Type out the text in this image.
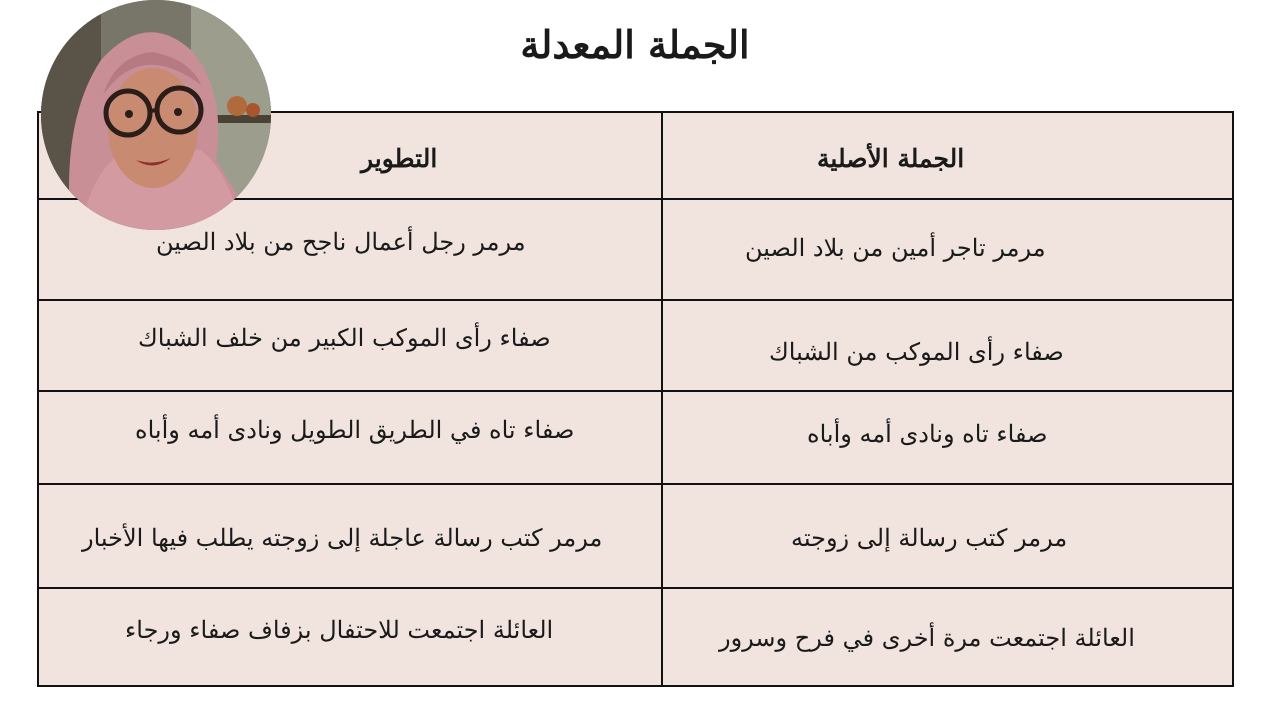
الجملة المعدلة
الجملة الأصلية
التطوير
مرمر تاجر أمين من بلاد الصين
مرمر رجل أعمال ناجح من بلاد الصين
صفاء رأى الموكب من الشباك
صفاء رأى الموكب الكبير من خلف الشباك
صفاء تاه ونادى أمه وأباه
صفاء تاه في الطريق الطويل ونادى أمه وأباه
مرمر كتب رسالة إلى زوجته
مرمر كتب رسالة عاجلة إلى زوجته يطلب فيها الأخبار
العائلة اجتمعت مرة أخرى في فرح وسرور
العائلة اجتمعت للاحتفال بزفاف صفاء ورجاء
